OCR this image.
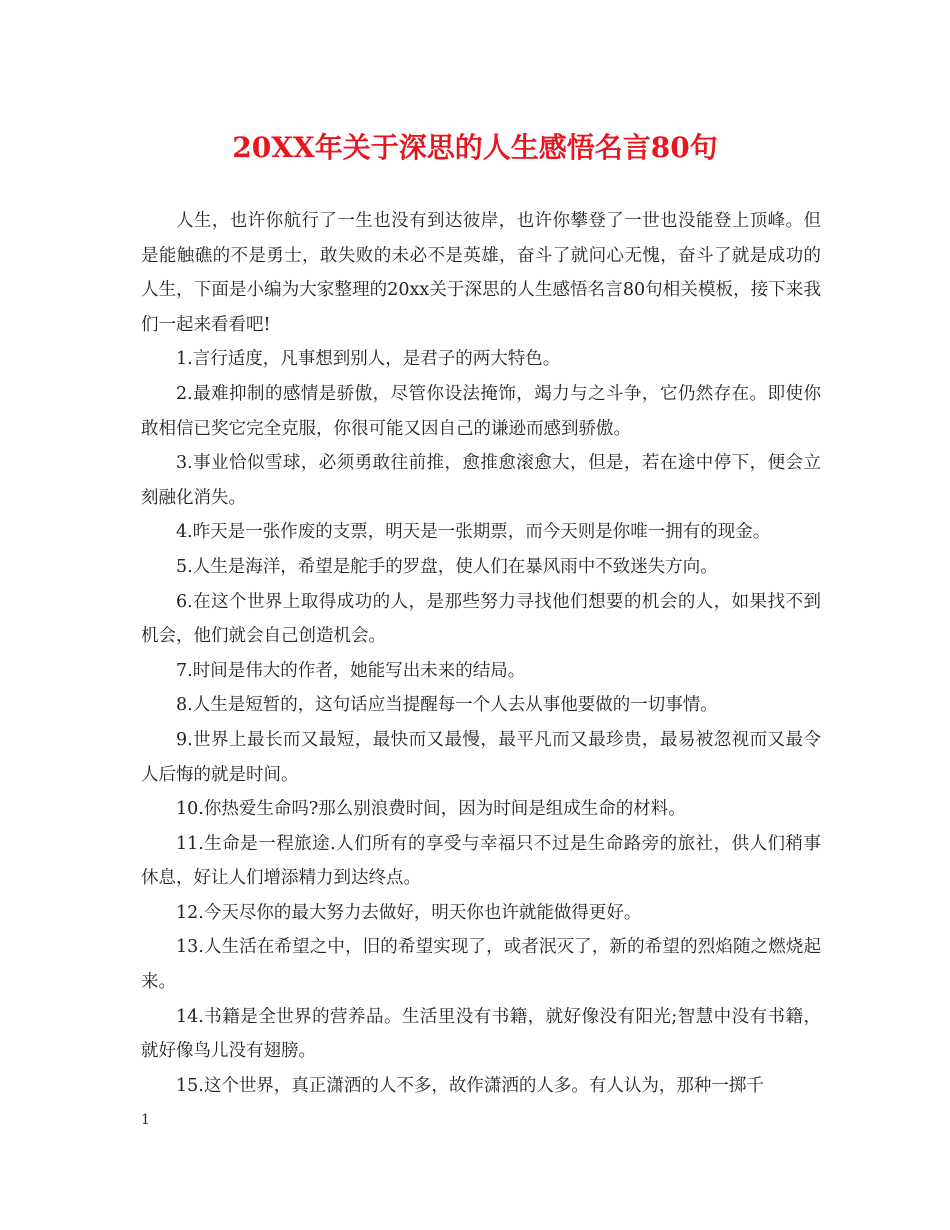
20XX年关于深思的人生感悟名言80句

人生，也许你航行了一生也没有到达彼岸，也许你攀登了一世也没能登上顶峰。但是能触礁的不是勇士，敢失败的未必不是英雄，奋斗了就问心无愧，奋斗了就是成功的人生，下面是小编为大家整理的20xx关于深思的人生感悟名言80句相关模板，接下来我们一起来看看吧!

1.言行适度，凡事想到别人，是君子的两大特色。

2.最难抑制的感情是骄傲，尽管你设法掩饰，竭力与之斗争，它仍然存在。即使你敢相信已奖它完全克服，你很可能又因自己的谦逊而感到骄傲。

3.事业恰似雪球，必须勇敢往前推，愈推愈滚愈大，但是，若在途中停下，便会立刻融化消失。

4.昨天是一张作废的支票，明天是一张期票，而今天则是你唯一拥有的现金。

5.人生是海洋，希望是舵手的罗盘，使人们在暴风雨中不致迷失方向。

6.在这个世界上取得成功的人，是那些努力寻找他们想要的机会的人，如果找不到机会，他们就会自己创造机会。

7.时间是伟大的作者，她能写出未来的结局。

8.人生是短暂的，这句话应当提醒每一个人去从事他要做的一切事情。

9.世界上最长而又最短，最快而又最慢，最平凡而又最珍贵，最易被忽视而又最令人后悔的就是时间。

10.你热爱生命吗?那么别浪费时间，因为时间是组成生命的材料。

11.生命是一程旅途.人们所有的享受与幸福只不过是生命路旁的旅社，供人们稍事休息，好让人们增添精力到达终点。

12.今天尽你的最大努力去做好，明天你也许就能做得更好。

13.人生活在希望之中，旧的希望实现了，或者泯灭了，新的希望的烈焰随之燃烧起来。

14.书籍是全世界的营养品。生活里没有书籍，就好像没有阳光;智慧中没有书籍，就好像鸟儿没有翅膀。

15.这个世界，真正潇洒的人不多，故作潇洒的人多。有人认为，那种一掷千

1
